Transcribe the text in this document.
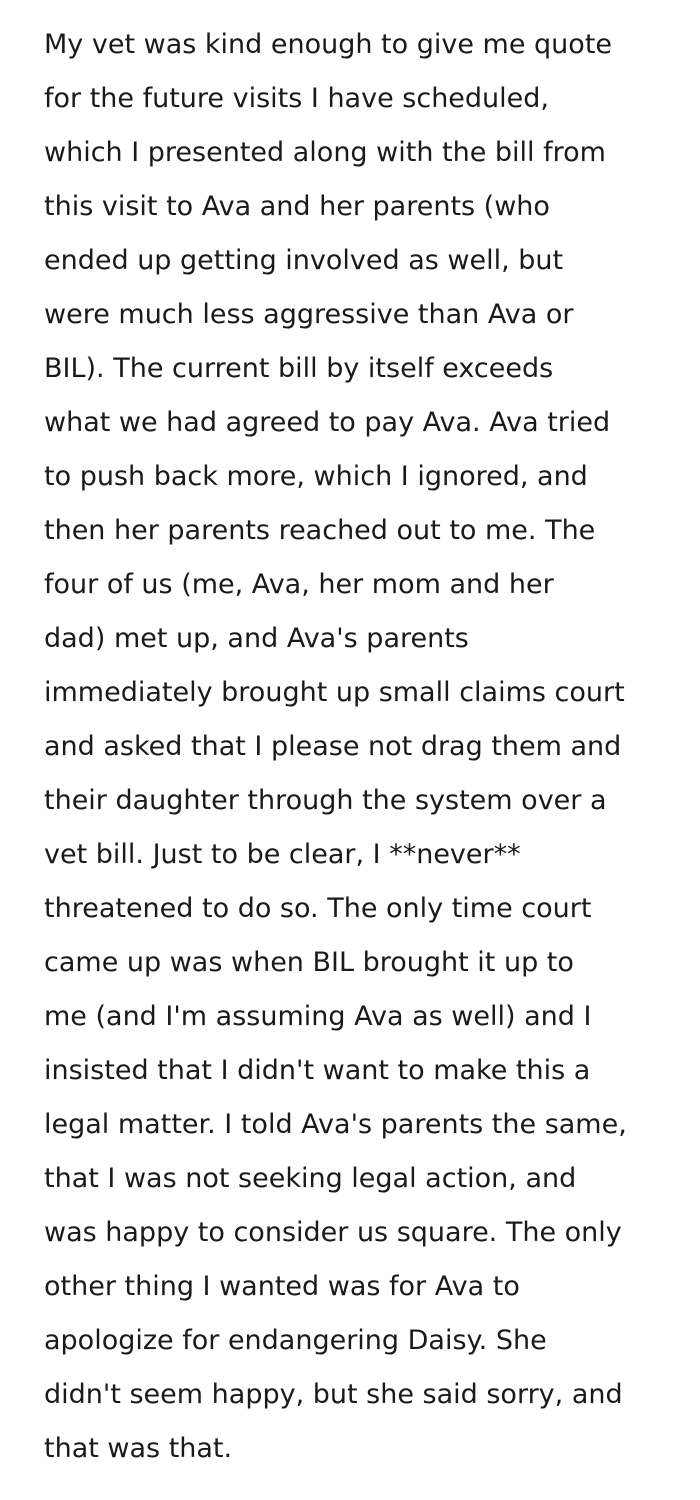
My vet was kind enough to give me quote
for the future visits I have scheduled,
which I presented along with the bill from
this visit to Ava and her parents (who
ended up getting involved as well, but
were much less aggressive than Ava or
BIL). The current bill by itself exceeds
what we had agreed to pay Ava. Ava tried
to push back more, which I ignored, and
then her parents reached out to me. The
four of us (me, Ava, her mom and her
dad) met up, and Ava's parents
immediately brought up small claims court
and asked that I please not drag them and
their daughter through the system over a
vet bill. Just to be clear, I **never**
threatened to do so. The only time court
came up was when BIL brought it up to
me (and I'm assuming Ava as well) and I
insisted that I didn't want to make this a
legal matter. I told Ava's parents the same,
that I was not seeking legal action, and
was happy to consider us square. The only
other thing I wanted was for Ava to
apologize for endangering Daisy. She
didn't seem happy, but she said sorry, and
that was that.
